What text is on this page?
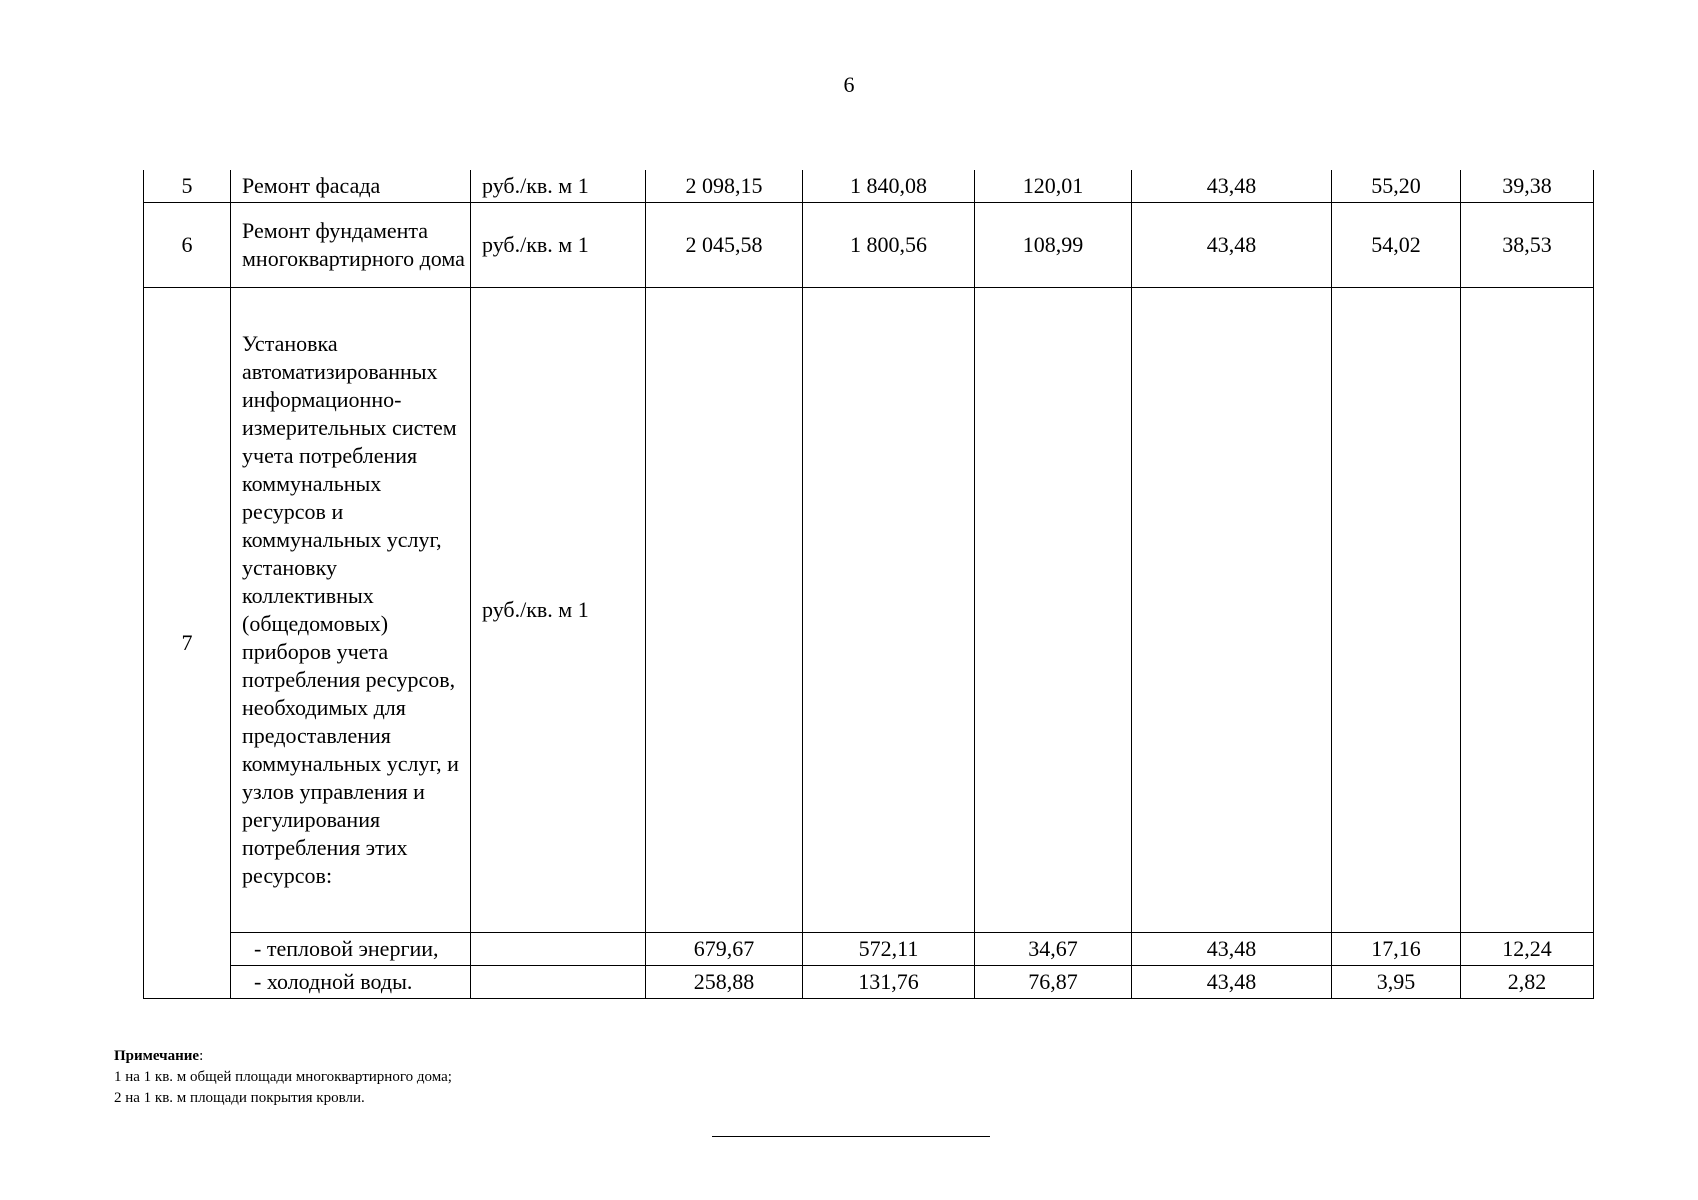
6
5	Ремонт фасада	руб./кв. м 1	2 098,15	1 840,08	120,01	43,48	55,20	39,38
6	Ремонт фундамента многоквартирного дома	руб./кв. м 1	2 045,58	1 800,56	108,99	43,48	54,02	38,53
7	Установка автоматизированных информационно-измерительных систем учета потребления коммунальных ресурсов и коммунальных услуг, установку коллективных (общедомовых) приборов учета потребления ресурсов, необходимых для предоставления коммунальных услуг, и узлов управления и регулирования потребления этих ресурсов:	руб./кв. м 1						
	- тепловой энергии,		679,67	572,11	34,67	43,48	17,16	12,24
	- холодной воды.		258,88	131,76	76,87	43,48	3,95	2,82
Примечание:
1 на 1 кв. м общей площади многоквартирного дома;
2 на 1 кв. м площади покрытия кровли.
